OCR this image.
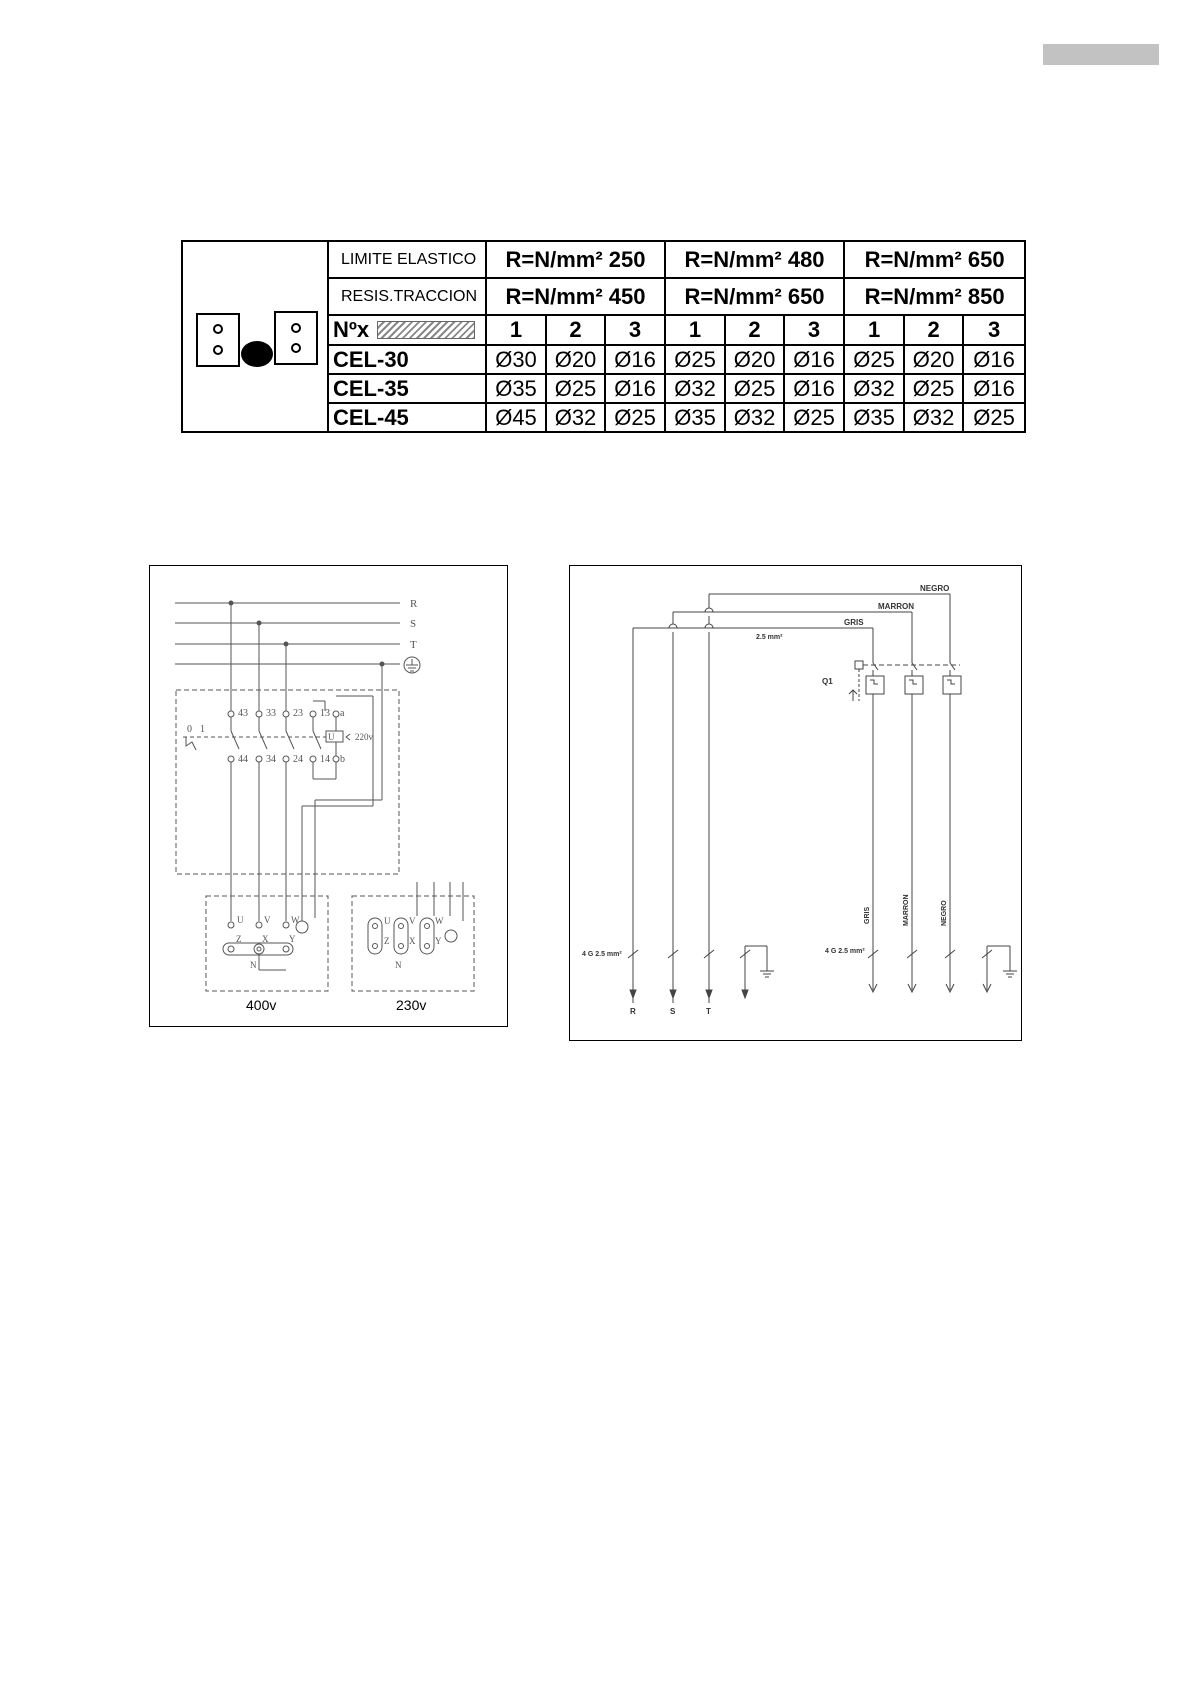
	LIMITE ELASTICO	R=N/mm² 250			R=N/mm² 480			R=N/mm² 650		
	RESIS.TRACCION	R=N/mm² 450			R=N/mm² 650			R=N/mm² 850		

	Nºx	1	2	3	1	2	3	1	2	3
	CEL-30	Ø30	Ø20	Ø16	Ø25	Ø20	Ø16	Ø25	Ø20	Ø16
	CEL-35	Ø35	Ø25	Ø16	Ø32	Ø25	Ø16	Ø32	Ø25	Ø16
	CEL-45	Ø45	Ø32	Ø25	Ø35	Ø32	Ø25	Ø35	Ø32	Ø25
R
S
T
43 33 23 13 a
0 1
U 220v
44 34 24 14 b
U V W
Z X Y
N
U V W
Z X Y
N
400v	230v
NEGRO
MARRON
GRIS
2.5 mm²
Q1
GRIS	MARRON	NEGRO
4 G 2.5 mm²	4 G 2.5 mm²
R	S	T
